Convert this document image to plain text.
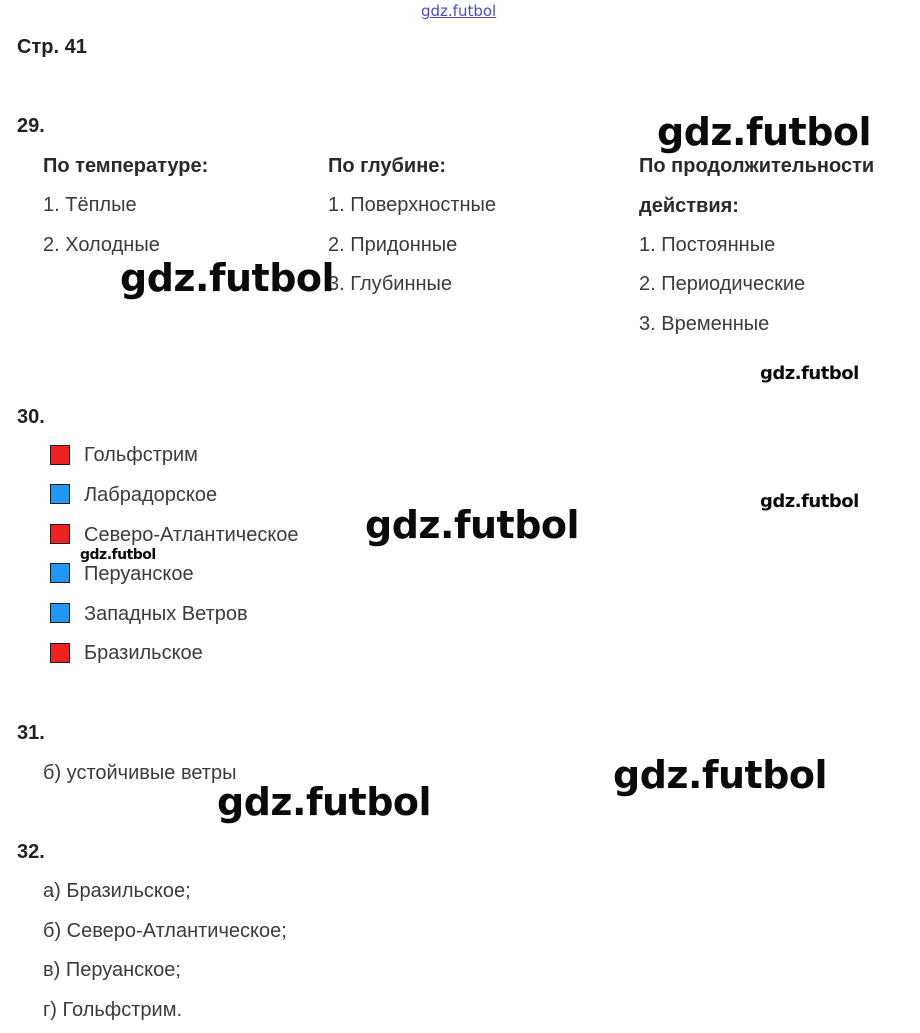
gdz.futbol
Стр. 41
29.
По температуре:
1. Тёплые
2. Холодные
По глубине:
1. Поверхностные
2. Придонные
3. Глубинные
По продолжительности
действия:
1. Постоянные
2. Периодические
3. Временные
30.
Гольфстрим
Лабрадорское
Северо-Атлантическое
Перуанское
Западных Ветров
Бразильское
31.
б) устойчивые ветры
32.
а) Бразильское;
б) Северо-Атлантическое;
в) Перуанское;
г) Гольфстрим.
gdz.futbol
gdz.futbol
gdz.futbol
gdz.futbol
gdz.futbol
gdz.futbol
gdz.futbol
gdz.futbol
